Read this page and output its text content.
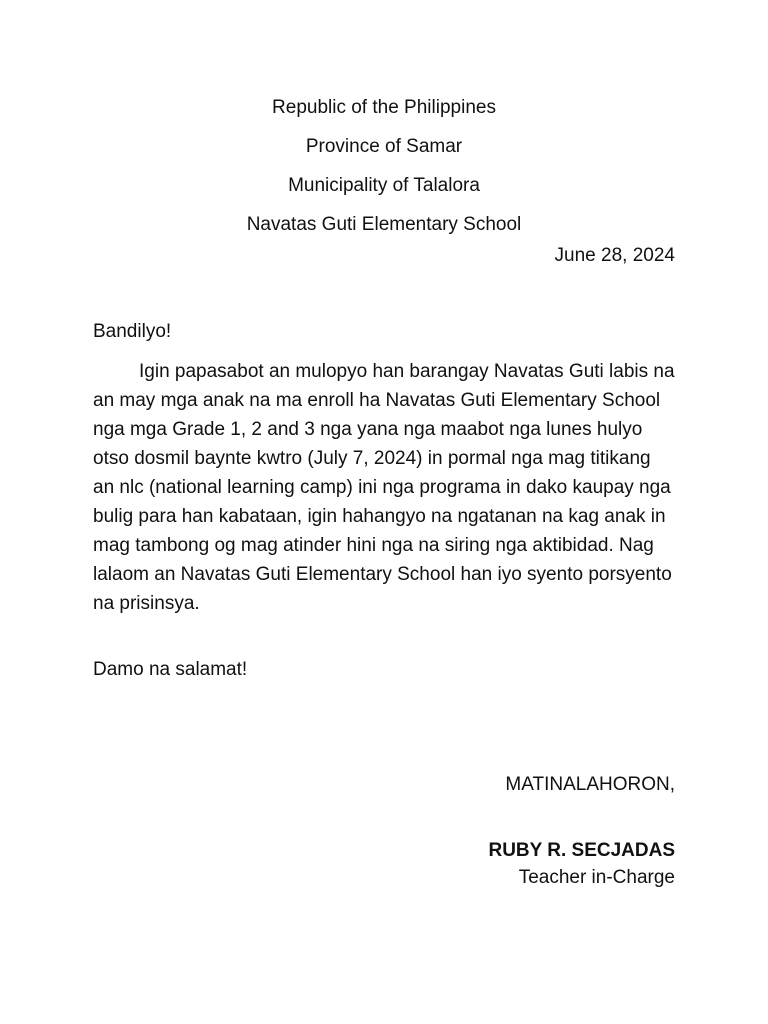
Republic of the Philippines
Province of Samar
Municipality of Talalora
Navatas Guti Elementary School
June 28, 2024
Bandilyo!
Igin papasabot an mulopyo han barangay Navatas Guti labis na an may mga anak na ma enroll ha Navatas Guti Elementary School nga mga Grade 1, 2 and 3 nga yana nga maabot nga lunes hulyo otso dosmil baynte kwtro (July 7, 2024) in pormal nga mag titikang an nlc (national learning camp) ini nga programa in dako kaupay nga bulig para han kabataan, igin hahangyo na ngatanan na kag anak in mag tambong og mag atinder hini nga na siring nga aktibidad. Nag lalaom an Navatas Guti Elementary School han iyo syento porsyento na prisinsya.
Damo na salamat!
MATINALAHORON,
RUBY R. SECJADAS
Teacher in-Charge
